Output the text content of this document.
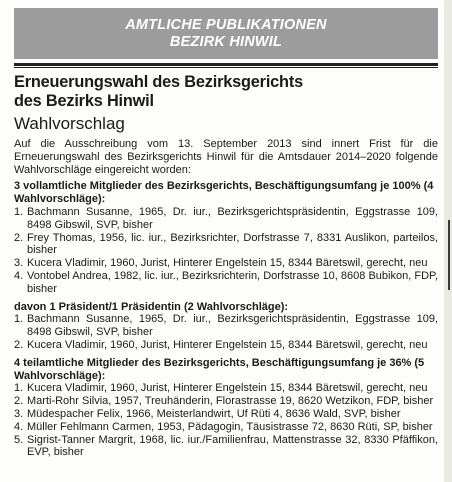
AMTLICHE PUBLIKATIONEN
BEZIRK HINWIL
Erneuerungswahl des Bezirksgerichts
des Bezirks Hinwil
Wahlvorschlag

Auf die Ausschreibung vom 13. September 2013 sind innert Frist für die Erneuerungswahl des Bezirksgerichts Hinwil für die Amtsdauer 2014–2020 folgende Wahlvorschläge eingereicht worden:

3 vollamtliche Mitglieder des Bezirksgerichts, Beschäftigungsumfang je 100% (4 Wahlvorschläge):

1. Bachmann Susanne, 1965, Dr. iur., Bezirksgerichtspräsidentin, Eggstrasse 109, 8498 Gibswil, SVP, bisher
2. Frey Thomas, 1956, lic. iur., Bezirksrichter, Dorfstrasse 7, 8331 Auslikon, parteilos, bisher
3. Kucera Vladimir, 1960, Jurist, Hinterer Engelstein 15, 8344 Bäretswil, gerecht, neu
4. Vontobel Andrea, 1982, lic. iur., Bezirksrichterin, Dorfstrasse 10, 8608 Bubikon, FDP, bisher

davon 1 Präsident/1 Präsidentin (2 Wahlvorschläge):

1. Bachmann Susanne, 1965, Dr. iur., Bezirksgerichtspräsidentin, Eggstrasse 109, 8498 Gibswil, SVP, bisher
2. Kucera Vladimir, 1960, Jurist, Hinterer Engelstein 15, 8344 Bäretswil, gerecht, neu

4 teilamtliche Mitglieder des Bezirksgerichts, Beschäftigungsumfang je 36% (5 Wahlvorschläge):

1. Kucera Vladimir, 1960, Jurist, Hinterer Engelstein 15, 8344 Bäretswil, gerecht, neu
2. Marti-Rohr Silvia, 1957, Treuhänderin, Florastrasse 19, 8620 Wetzikon, FDP, bisher
3. Müdespacher Felix, 1966, Meisterlandwirt, Uf Rüti 4, 8636 Wald, SVP, bisher
4. Müller Fehlmann Carmen, 1953, Pädagogin, Täusistrasse 72, 8630 Rüti, SP, bisher
5. Sigrist-Tanner Margrit, 1968, lic. iur./Familienfrau, Mattenstrasse 32, 8330 Pfäffikon, EVP, bisher
